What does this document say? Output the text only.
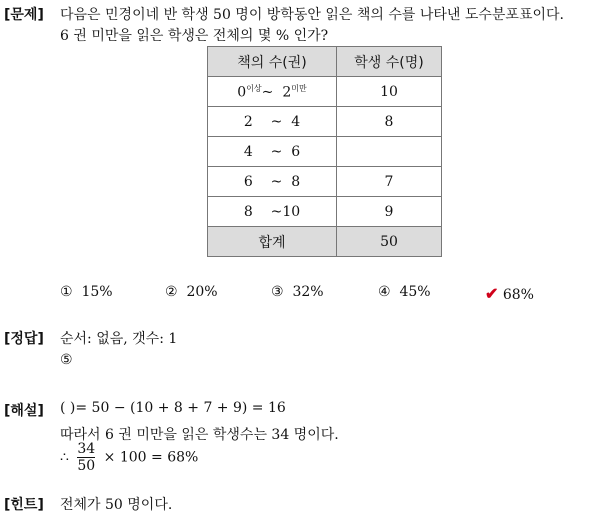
[문제] 다음은 민경이네 반 학생 50 명이 방학동안 읽은 책의 수를 나타낸 도수분포표이다.
6 권 미만을 읽은 학생은 전체의 몇 % 인가?
책의 수(권)	학생 수(명)
$0^{이상}\sim$ $2^{미만}$	10
2 ~ 4	8
4 ~ 6	
6 ~ 8	7
8 ~10	9
합계	50
① 15%	② 20%	③ 32%	④ 45%	✔ 68%
[정답] 순서: 없음, 갯수: 1
⑤
[해설] ( )= 50 − (10 + 8 + 7 + 9) = 16
따라서 6 권 미만을 읽은 학생수는 34 명이다.
∴ $\frac{34}{50} \times 100 = 68\%$
[힌트] 전체가 50 명이다.
